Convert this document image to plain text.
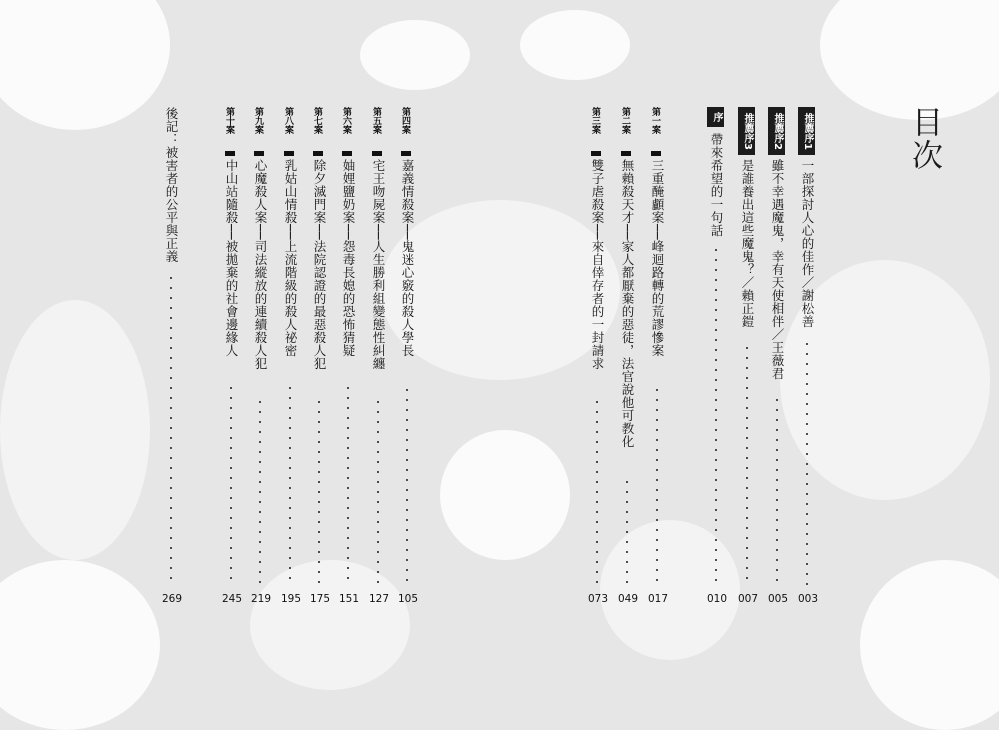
目次
推薦序1
一部探討人心的佳作／謝松善
003
推薦序2
雖不幸遇魔鬼，幸有天使相伴／王薇君
005
推薦序3
是誰養出這些魔鬼？／賴正鎧
007
序
帶來希望的一句話
010
第一案
三重醃顱案──峰迴路轉的荒謬慘案
017
第二案
無賴殺天才──家人都厭棄的惡徒，法官說他可教化
049
第三案
雙子虐殺案──來自倖存者的一封請求
073
第四案
嘉義情殺案──鬼迷心竅的殺人學長
105
第五案
宅王吻屍案──人生勝利組變態性糾纏
127
第六案
妯娌鹽奶案──怨毒長媳的恐怖猜疑
151
第七案
除夕滅門案──法院認證的最惡殺人犯
175
第八案
乳姑山情殺──上流階級的殺人祕密
195
第九案
心魔殺人案──司法縱放的連續殺人犯
219
第十案
中山站隨殺──被拋棄的社會邊緣人
245
後記：被害者的公平與正義
269
